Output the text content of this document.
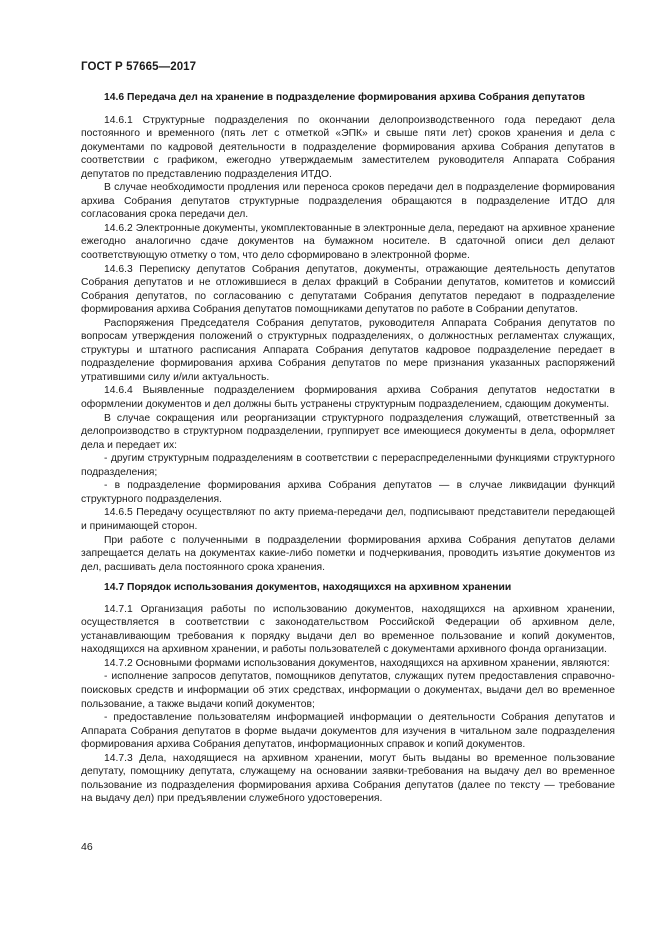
ГОСТ Р 57665—2017
14.6 Передача дел на хранение в подразделение формирования архива Собрания депутатов

14.6.1 Структурные подразделения по окончании делопроизводственного года передают дела постоянного и временного (пять лет с отметкой «ЭПК» и свыше пяти лет) сроков хранения и дела с документами по кадровой деятельности в подразделение формирования архива Собрания депутатов в соответствии с графиком, ежегодно утверждаемым заместителем руководителя Аппарата Собрания депутатов по представлению подразделения ИТДО.

В случае необходимости продления или переноса сроков передачи дел в подразделение формирования архива Собрания депутатов структурные подразделения обращаются в подразделение ИТДО для согласования срока передачи дел.

14.6.2 Электронные документы, укомплектованные в электронные дела, передают на архивное хранение ежегодно аналогично сдаче документов на бумажном носителе. В сдаточной описи дел делают соответствующую отметку о том, что дело сформировано в электронной форме.

14.6.3 Переписку депутатов Собрания депутатов, документы, отражающие деятельность депутатов Собрания депутатов и не отложившиеся в делах фракций в Собрании депутатов, комитетов и комиссий Собрания депутатов, по согласованию с депутатами Собрания депутатов передают в подразделение формирования архива Собрания депутатов помощниками депутатов по работе в Собрании депутатов.

Распоряжения Председателя Собрания депутатов, руководителя Аппарата Собрания депутатов по вопросам утверждения положений о структурных подразделениях, о должностных регламентах служащих, структуры и штатного расписания Аппарата Собрания депутатов кадровое подразделение передает в подразделение формирования архива Собрания депутатов по мере признания указанных распоряжений утратившими силу и/или актуальность.

14.6.4 Выявленные подразделением формирования архива Собрания депутатов недостатки в оформлении документов и дел должны быть устранены структурным подразделением, сдающим документы.

В случае сокращения или реорганизации структурного подразделения служащий, ответственный за делопроизводство в структурном подразделении, группирует все имеющиеся документы в дела, оформляет дела и передает их:

- другим структурным подразделениям в соответствии с перераспределенными функциями структурного подразделения;

- в подразделение формирования архива Собрания депутатов — в случае ликвидации функций структурного подразделения.

14.6.5 Передачу осуществляют по акту приема-передачи дел, подписывают представители передающей и принимающей сторон.

При работе с полученными в подразделении формирования архива Собрания депутатов делами запрещается делать на документах какие-либо пометки и подчеркивания, проводить изъятие документов из дел, расшивать дела постоянного срока хранения.

14.7 Порядок использования документов, находящихся на архивном хранении

14.7.1 Организация работы по использованию документов, находящихся на архивном хранении, осуществляется в соответствии с законодательством Российской Федерации об архивном деле, устанавливающим требования к порядку выдачи дел во временное пользование и копий документов, находящихся на архивном хранении, и работы пользователей с документами архивного фонда организации.

14.7.2 Основными формами использования документов, находящихся на архивном хранении, являются:

- исполнение запросов депутатов, помощников депутатов, служащих путем предоставления справочно-поисковых средств и информации об этих средствах, информации о документах, выдачи дел во временное пользование, а также выдачи копий документов;

- предоставление пользователям информацией информации о деятельности Собрания депутатов и Аппарата Собрания депутатов в форме выдачи документов для изучения в читальном зале подразделения формирования архива Собрания депутатов, информационных справок и копий документов.

14.7.3 Дела, находящиеся на архивном хранении, могут быть выданы во временное пользование депутату, помощнику депутата, служащему на основании заявки-требования на выдачу дел во временное пользование из подразделения формирования архива Собрания депутатов (далее по тексту — требование на выдачу дел) при предъявлении служебного удостоверения.

46
